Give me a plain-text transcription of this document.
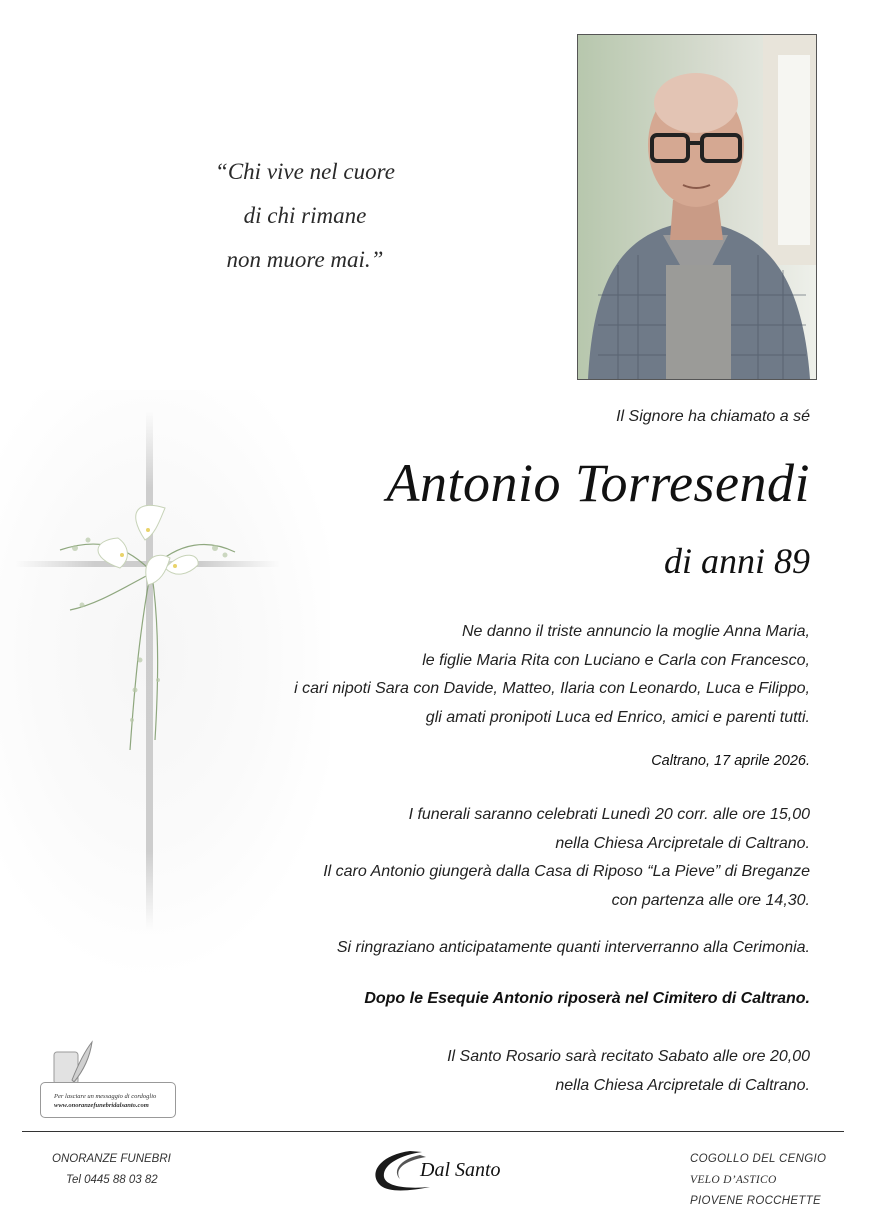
“Chi vive nel cuore
di chi rimane
non muore mai.”
Il Signore ha chiamato a sé
Antonio Torresendi
di anni 89
Ne danno il triste annuncio la moglie Anna Maria,
le figlie Maria Rita con Luciano e Carla con Francesco,
i cari nipoti Sara con Davide, Matteo, Ilaria con Leonardo, Luca e Filippo,
gli amati pronipoti Luca ed Enrico, amici e parenti tutti.
Caltrano, 17 aprile 2026.
I funerali saranno celebrati Lunedì 20 corr. alle ore 15,00
nella Chiesa Arcipretale di Caltrano.
Il caro Antonio giungerà dalla Casa di Riposo “La Pieve” di Breganze
con partenza alle ore 14,30.
Si ringraziano anticipatamente quanti interverranno alla Cerimonia.
Dopo le Esequie Antonio riposerà nel Cimitero di Caltrano.
Il Santo Rosario sarà recitato Sabato alle ore 20,00
nella Chiesa Arcipretale di Caltrano.
Per lasciare un messaggio di cordoglio
www.onoranzefunebridalsanto.com
ONORANZE FUNEBRI
Tel 0445 88 03 82	Dal Santo	COGOLLO DEL CENGIO
VELO D’ASTICO
PIOVENE ROCCHETTE
